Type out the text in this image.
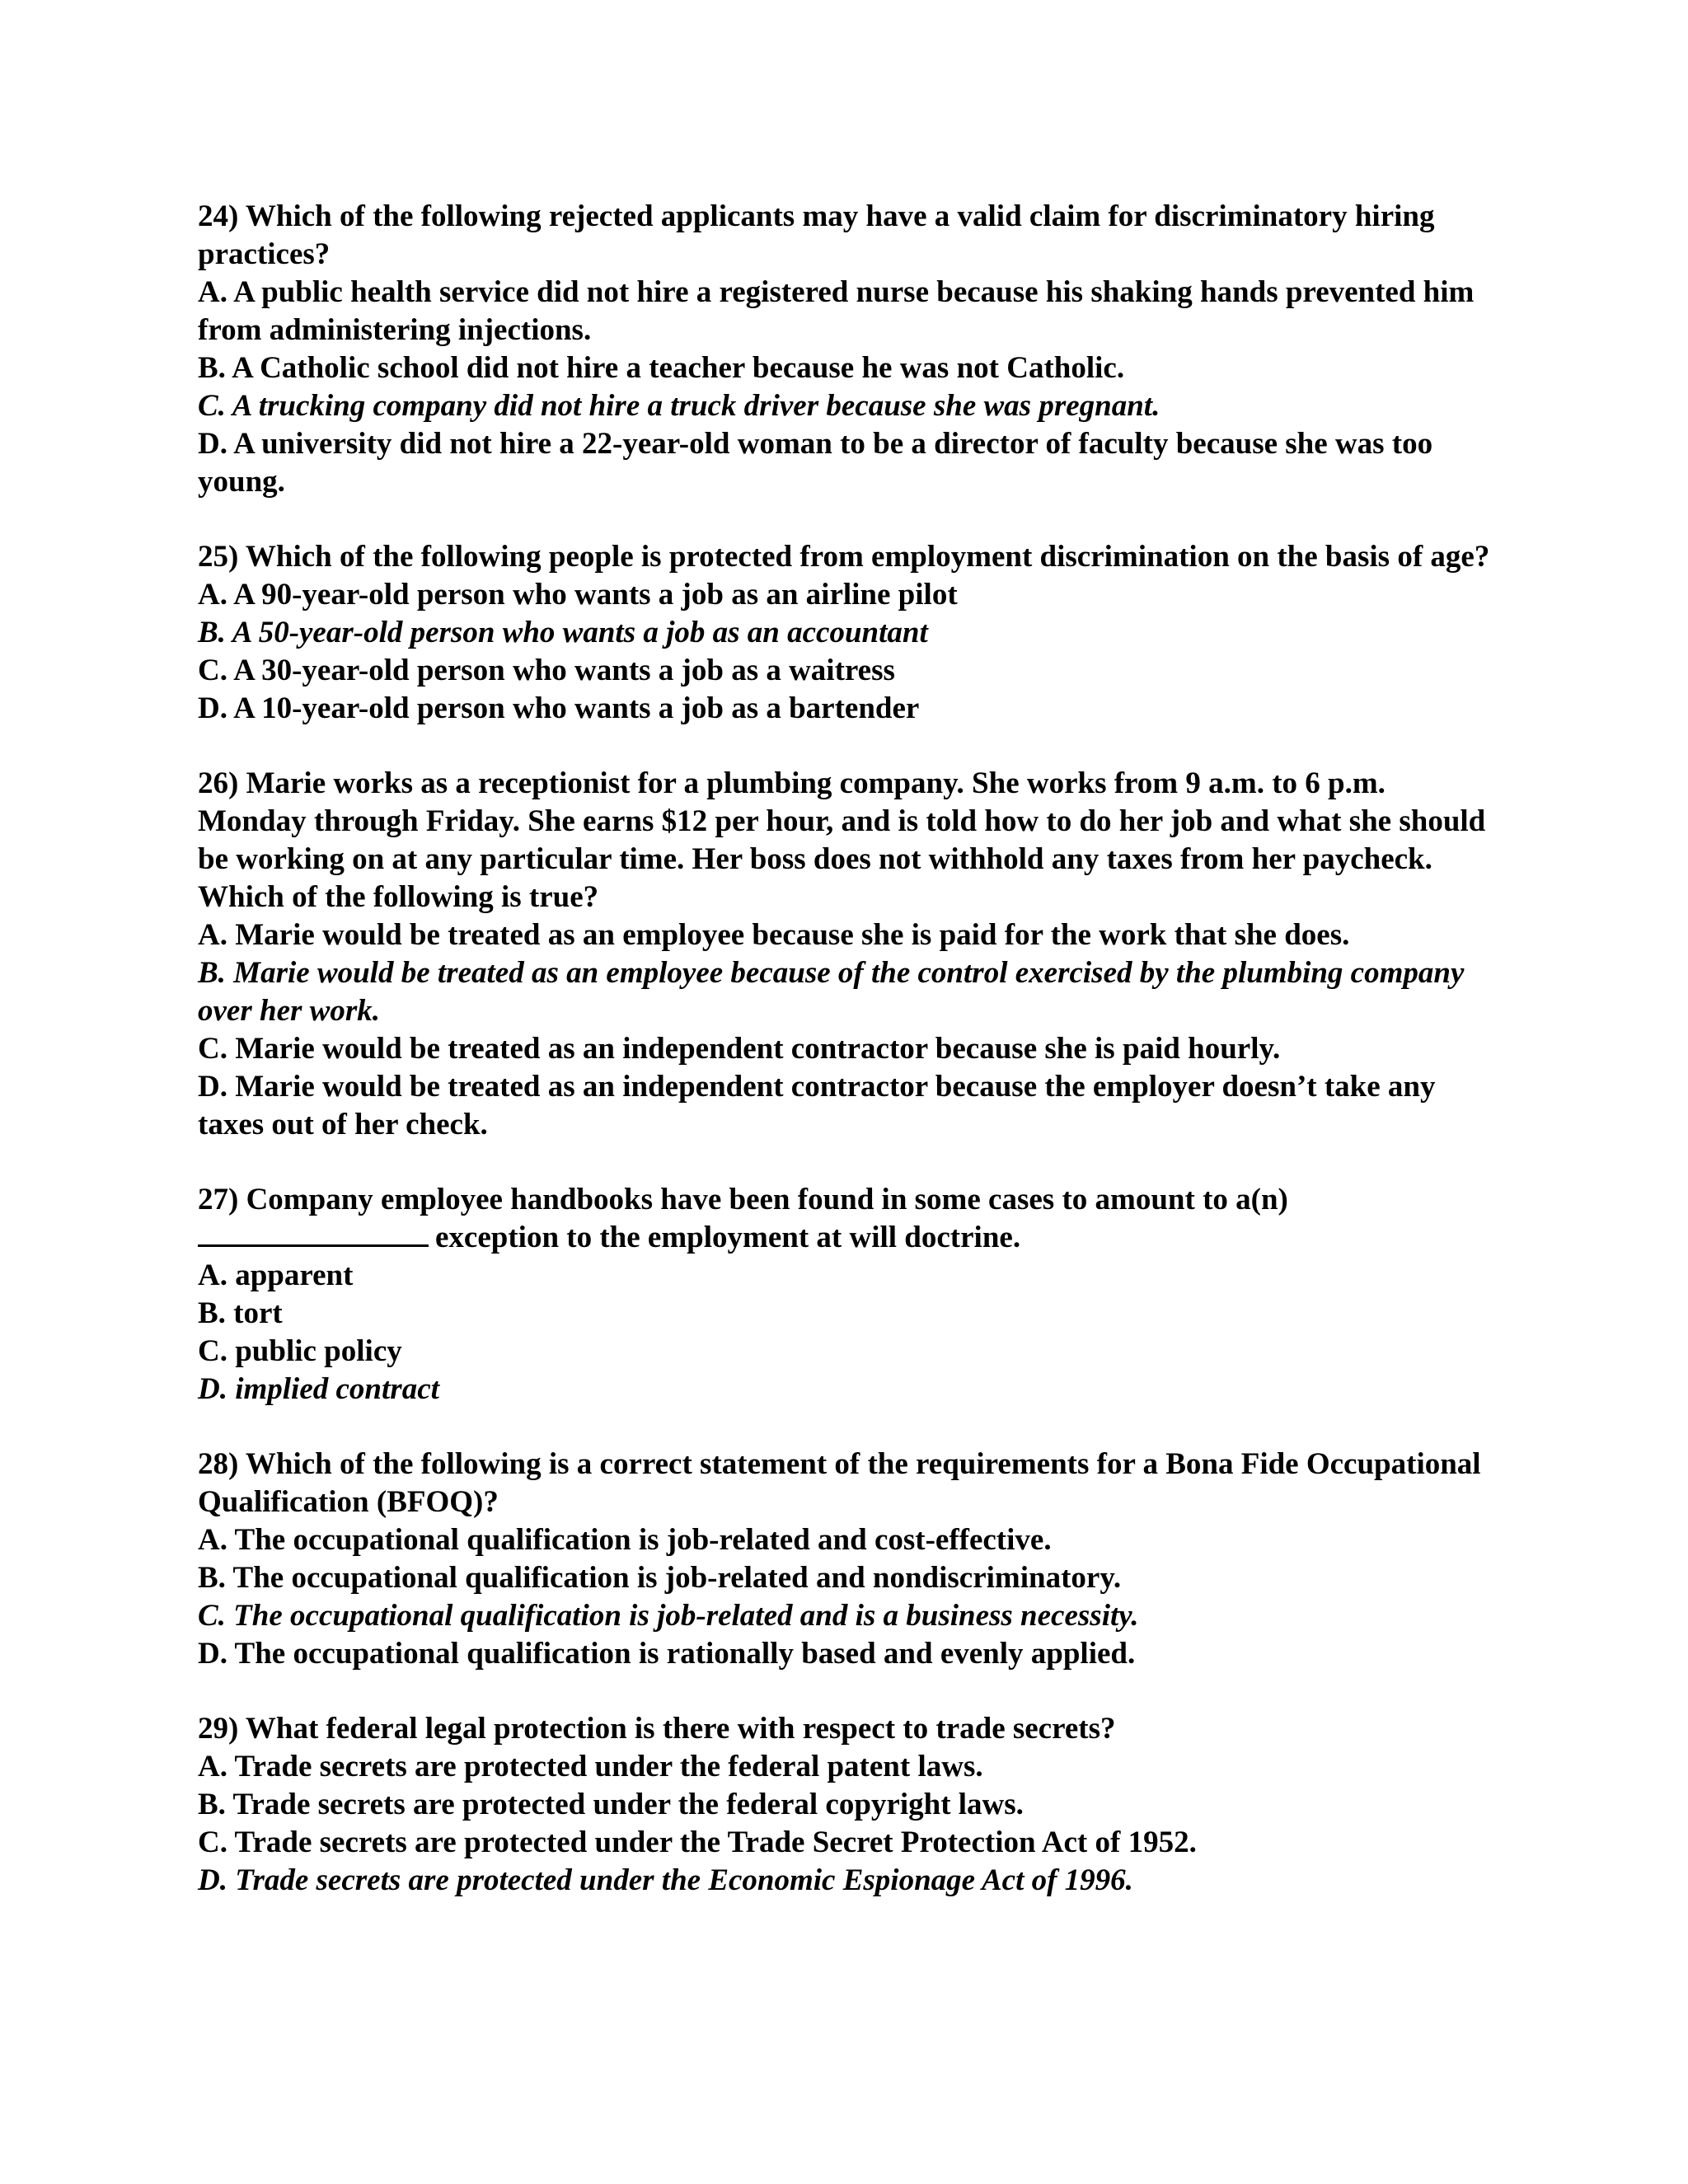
24) Which of the following rejected applicants may have a valid claim for discriminatory hiring practices?

A. A public health service did not hire a registered nurse because his shaking hands prevented him from administering injections.

B. A Catholic school did not hire a teacher because he was not Catholic.

C. A trucking company did not hire a truck driver because she was pregnant.

D. A university did not hire a 22-year-old woman to be a director of faculty because she was too young.

25) Which of the following people is protected from employment discrimination on the basis of age?

A. A 90-year-old person who wants a job as an airline pilot

B. A 50-year-old person who wants a job as an accountant

C. A 30-year-old person who wants a job as a waitress

D. A 10-year-old person who wants a job as a bartender

26) Marie works as a receptionist for a plumbing company. She works from 9 a.m. to 6 p.m. Monday through Friday. She earns $12 per hour, and is told how to do her job and what she should be working on at any particular time. Her boss does not withhold any taxes from her paycheck. Which of the following is true?

A. Marie would be treated as an employee because she is paid for the work that she does.

B. Marie would be treated as an employee because of the control exercised by the plumbing company over her work.

C. Marie would be treated as an independent contractor because she is paid hourly.

D. Marie would be treated as an independent contractor because the employer doesn’t take any taxes out of her check.

27) Company employee handbooks have been found in some cases to amount to a(n)
exception to the employment at will doctrine.

A. apparent

B. tort

C. public policy

D. implied contract

28) Which of the following is a correct statement of the requirements for a Bona Fide Occupational Qualification (BFOQ)?

A. The occupational qualification is job-related and cost-effective.

B. The occupational qualification is job-related and nondiscriminatory.

C. The occupational qualification is job-related and is a business necessity.

D. The occupational qualification is rationally based and evenly applied.

29) What federal legal protection is there with respect to trade secrets?

A. Trade secrets are protected under the federal patent laws.

B. Trade secrets are protected under the federal copyright laws.

C. Trade secrets are protected under the Trade Secret Protection Act of 1952.

D. Trade secrets are protected under the Economic Espionage Act of 1996.
